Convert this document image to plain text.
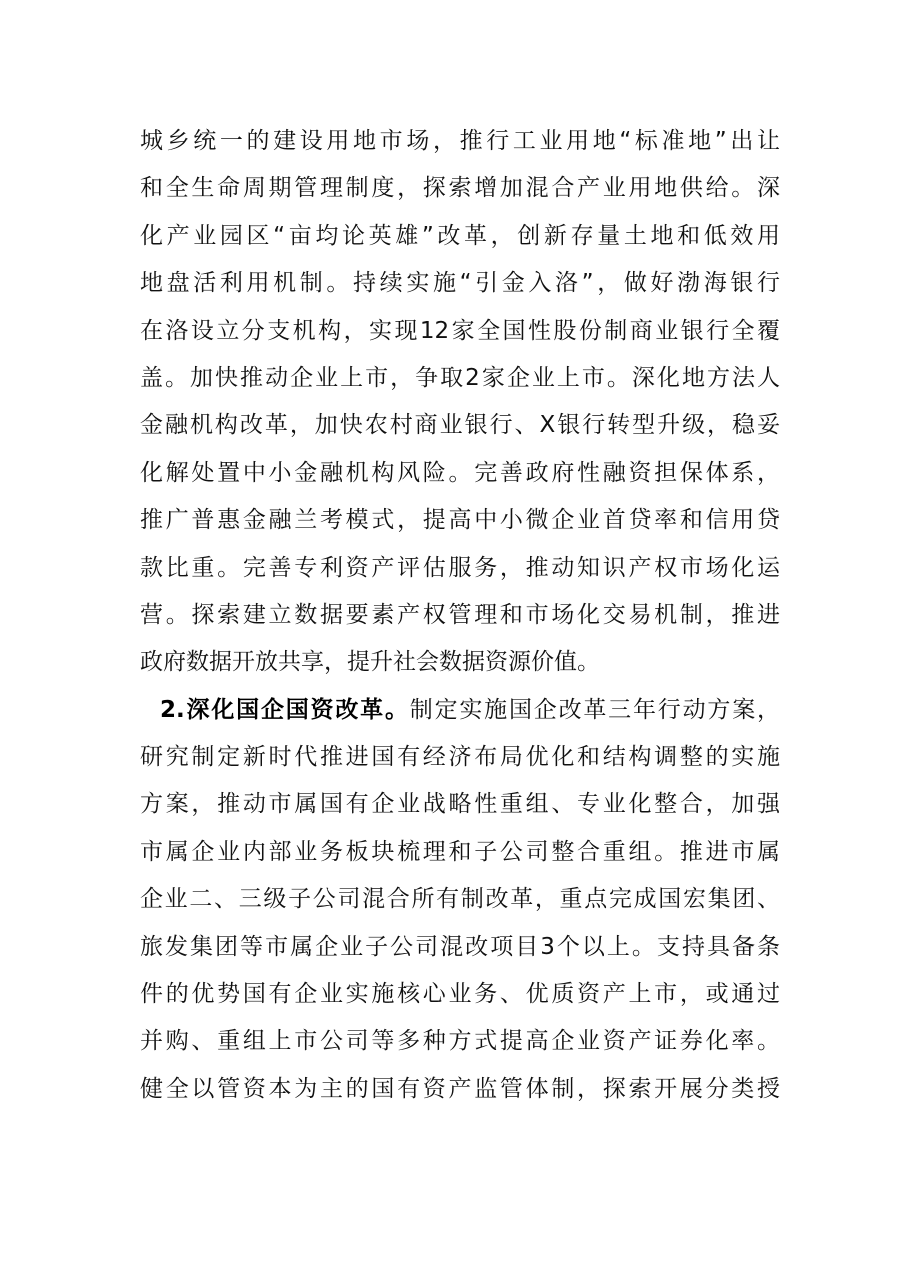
城乡统一的建设用地市场，推行工业用地“标准地”出让
和全生命周期管理制度，探索增加混合产业用地供给。深
化产业园区“亩均论英雄”改革，创新存量土地和低效用
地盘活利用机制。持续实施“引金入洛”，做好渤海银行
在洛设立分支机构，实现12家全国性股份制商业银行全覆
盖。加快推动企业上市，争取2家企业上市。深化地方法人
金融机构改革，加快农村商业银行、X银行转型升级，稳妥
化解处置中小金融机构风险。完善政府性融资担保体系，
推广普惠金融兰考模式，提高中小微企业首贷率和信用贷
款比重。完善专利资产评估服务，推动知识产权市场化运
营。探索建立数据要素产权管理和市场化交易机制，推进
政府数据开放共享，提升社会数据资源价值。
2.深化国企国资改革。制定实施国企改革三年行动方案，
研究制定新时代推进国有经济布局优化和结构调整的实施
方案，推动市属国有企业战略性重组、专业化整合，加强
市属企业内部业务板块梳理和子公司整合重组。推进市属
企业二、三级子公司混合所有制改革，重点完成国宏集团、
旅发集团等市属企业子公司混改项目3个以上。支持具备条
件的优势国有企业实施核心业务、优质资产上市，或通过
并购、重组上市公司等多种方式提高企业资产证券化率。
健全以管资本为主的国有资产监管体制，探索开展分类授
